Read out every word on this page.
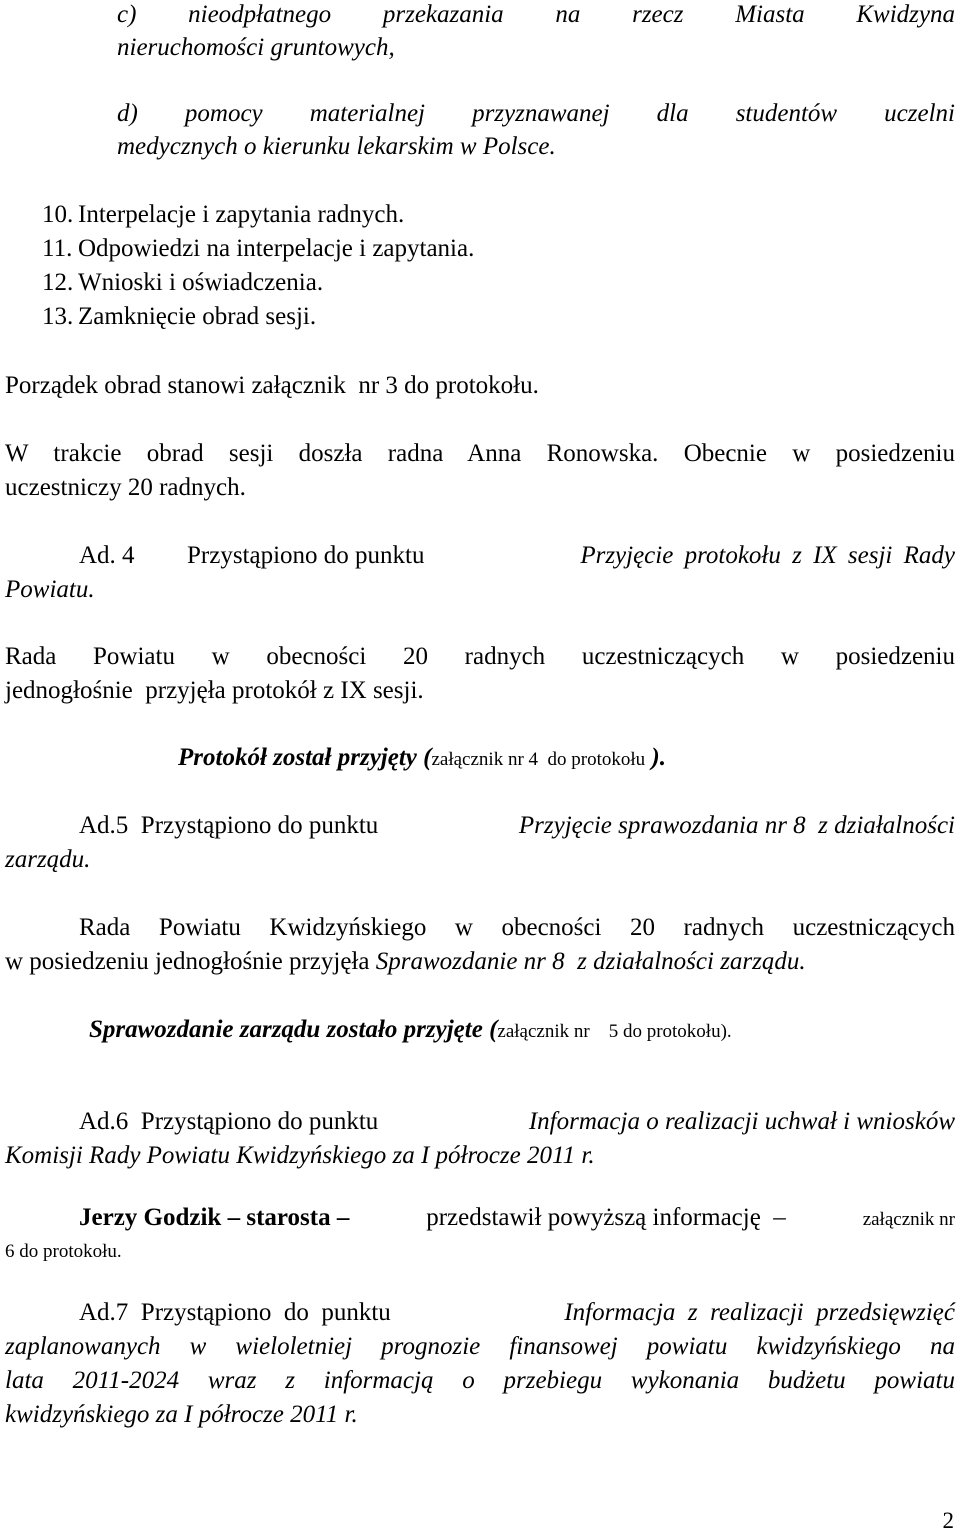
c) nieodpłatnego przekazania na rzecz Miasta Kwidzyna
nieruchomości gruntowych,
d) pomocy materialnej przyznawanej dla studentów uczelni
medycznych o kierunku lekarskim w Polsce.
10. Interpelacje i zapytania radnych.
11. Odpowiedzi na interpelacje i zapytania.
12. Wnioski i oświadczenia.
13. Zamknięcie obrad sesji.
Porządek obrad stanowi załącznik  nr 3 do protokołu.
W trakcie obrad sesji doszła radna Anna Ronowska. Obecnie w posiedzeniu
uczestniczy 20 radnych.
Ad. 4 Przystąpiono do punktu	Przyjęcie protokołu z IX sesji Rady
Powiatu.
Rada Powiatu w obecności 20 radnych uczestniczących w posiedzeniu
jednogłośnie  przyjęła protokół z IX sesji.
Protokół został przyjęty (załącznik nr 4  do protokołu ).
Ad.5  Przystąpiono do punktu	Przyjęcie sprawozdania nr 8  z działalności
zarządu.
Rada Powiatu Kwidzyńskiego w obecności 20 radnych uczestniczących
w posiedzeniu jednogłośnie przyjęła Sprawozdanie nr 8  z działalności zarządu.
Sprawozdanie zarządu zostało przyjęte (załącznik nr    5 do protokołu).
Ad.6  Przystąpiono do punktu	Informacja o realizacji uchwał i wniosków
Komisji Rady Powiatu Kwidzyńskiego za I półrocze 2011 r.
Jerzy Godzik – starosta –	przedstawił powyższą informację  –	załącznik nr
6 do protokołu.
Ad.7  Przystąpiono  do  punktu	Informacja  z  realizacji  przedsięwzięć
zaplanowanych w wieloletniej prognozie finansowej powiatu kwidzyńskiego na
lata 2011-2024 wraz z informacją o przebiegu wykonania budżetu powiatu
kwidzyńskiego za I półrocze 2011 r.
2
